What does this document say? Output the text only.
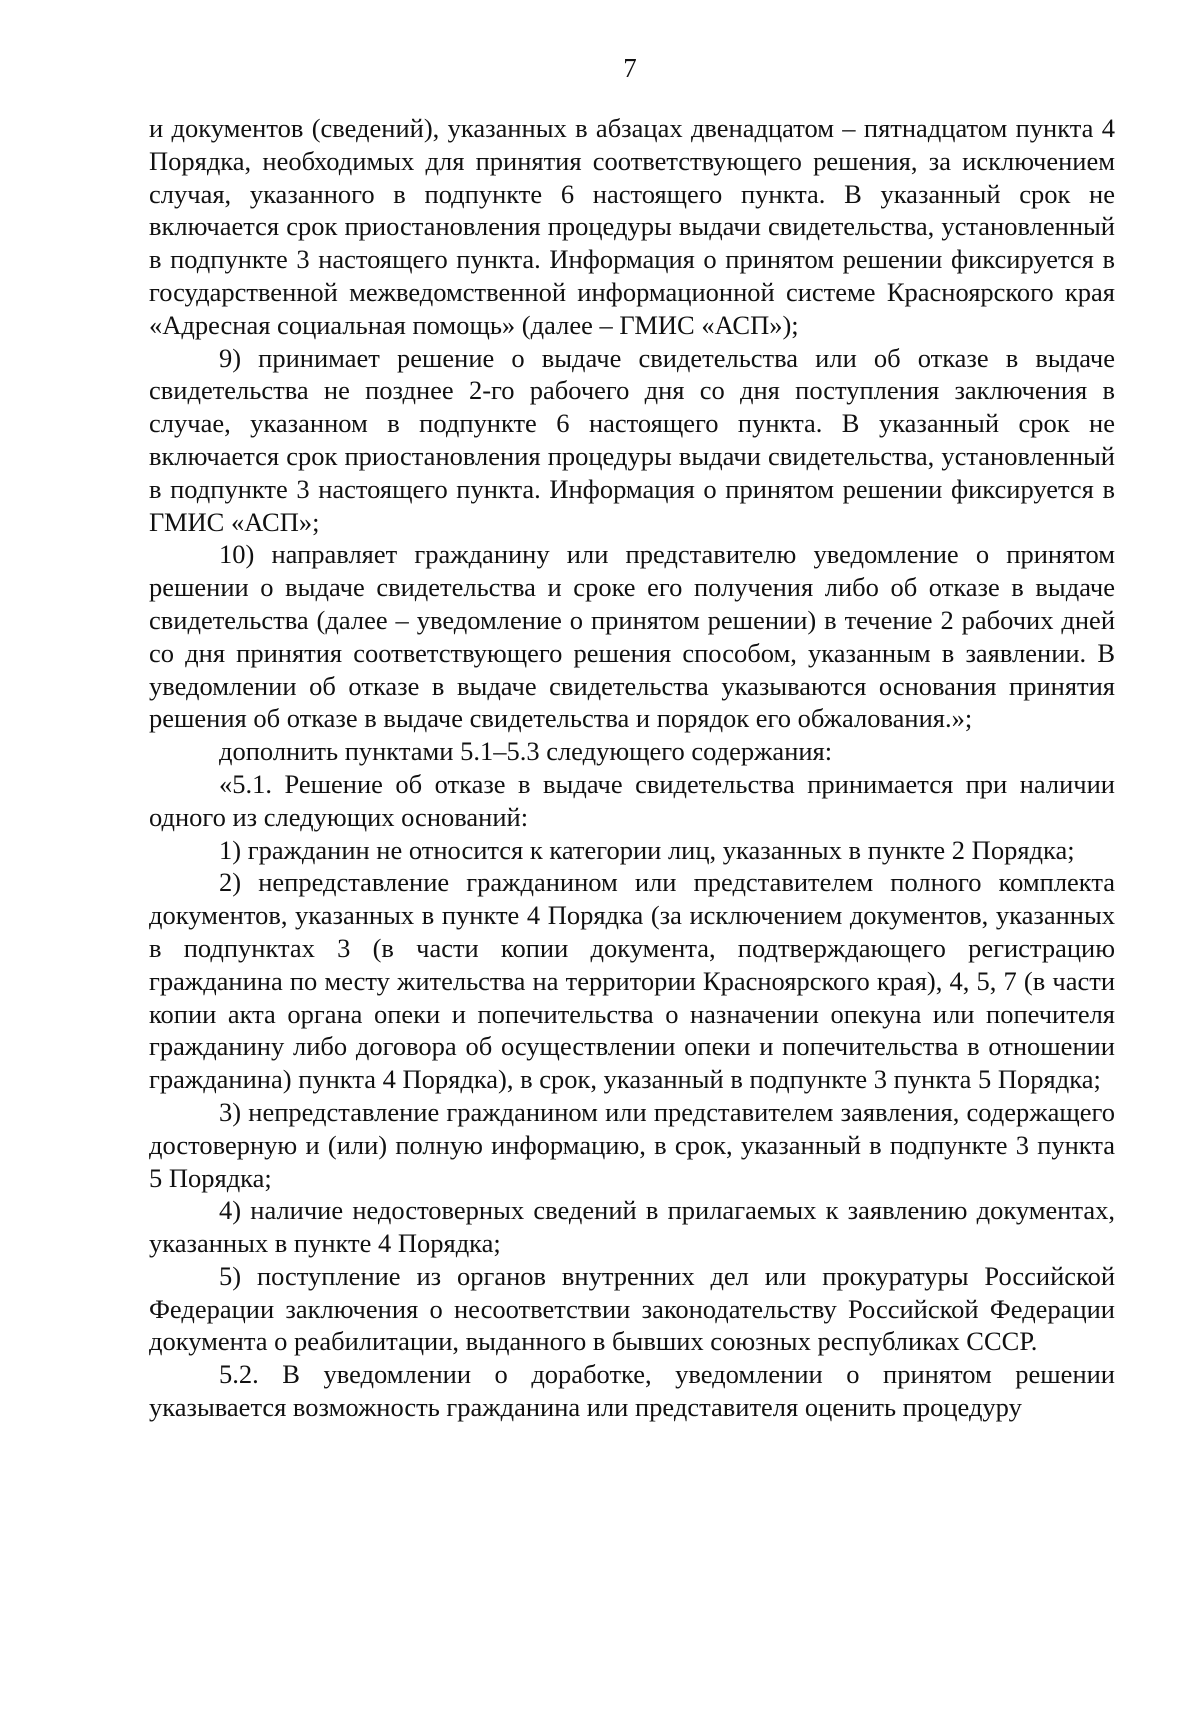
7

и документов (сведений), указанных в абзацах двенадцатом – пятнадцатом пункта 4 Порядка, необходимых для принятия соответствующего решения, за исключением случая, указанного в подпункте 6 настоящего пункта. В указанный срок не включается срок приостановления процедуры выдачи свидетельства, установленный в подпункте 3 настоящего пункта. Информация о принятом решении фиксируется в государственной межведомственной информационной системе Красноярского края «Адресная социальная помощь» (далее – ГМИС «АСП»);

9) принимает решение о выдаче свидетельства или об отказе в выдаче свидетельства не позднее 2-го рабочего дня со дня поступления заключения в случае, указанном в подпункте 6 настоящего пункта. В указанный срок не включается срок приостановления процедуры выдачи свидетельства, установленный в подпункте 3 настоящего пункта. Информация о принятом решении фиксируется в ГМИС «АСП»;

10) направляет гражданину или представителю уведомление о принятом решении о выдаче свидетельства и сроке его получения либо об отказе в выдаче свидетельства (далее – уведомление о принятом решении) в течение 2 рабочих дней со дня принятия соответствующего решения способом, указанным в заявлении. В уведомлении об отказе в выдаче свидетельства указываются основания принятия решения об отказе в выдаче свидетельства и порядок его обжалования.»;

дополнить пунктами 5.1–5.3 следующего содержания:

«5.1. Решение об отказе в выдаче свидетельства принимается при наличии одного из следующих оснований:

1) гражданин не относится к категории лиц, указанных в пункте 2 Порядка;

2) непредставление гражданином или представителем полного комплекта документов, указанных в пункте 4 Порядка (за исключением документов, указанных в подпунктах 3 (в части копии документа, подтверждающего регистрацию гражданина по месту жительства на территории Красноярского края), 4, 5, 7 (в части копии акта органа опеки и попечительства о назначении опекуна или попечителя гражданину либо договора об осуществлении опеки и попечительства в отношении гражданина) пункта 4 Порядка), в срок, указанный в подпункте 3 пункта 5 Порядка;

3) непредставление гражданином или представителем заявления, содержащего достоверную и (или) полную информацию, в срок, указанный в подпункте 3 пункта 5 Порядка;

4) наличие недостоверных сведений в прилагаемых к заявлению документах, указанных в пункте 4 Порядка;

5) поступление из органов внутренних дел или прокуратуры Российской Федерации заключения о несоответствии законодательству Российской Федерации документа о реабилитации, выданного в бывших союзных республиках СССР.

5.2. В уведомлении о доработке, уведомлении о принятом решении указывается возможность гражданина или представителя оценить процедуру
